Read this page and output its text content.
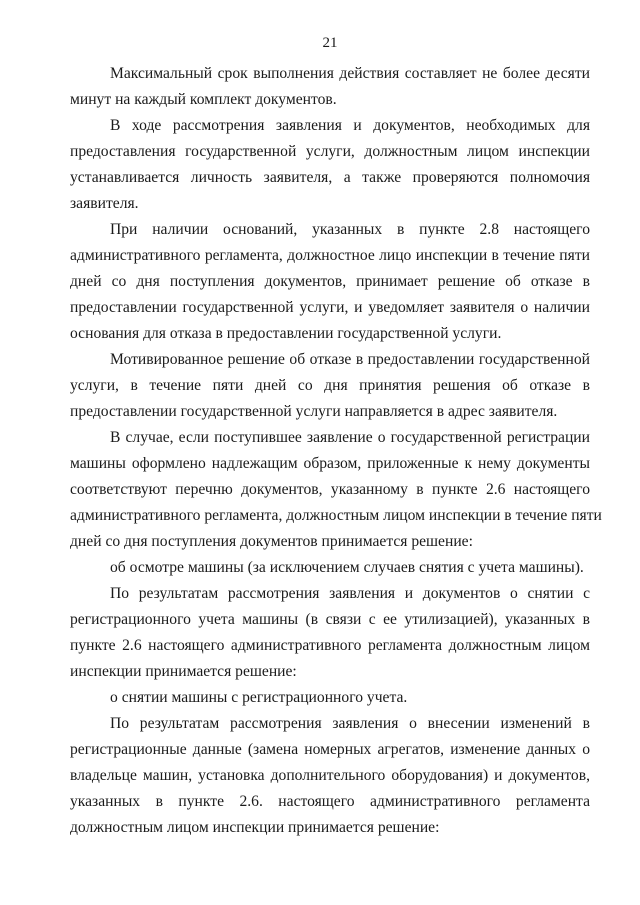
21
Максимальный срок выполнения действия составляет не более десяти
минут на каждый комплект документов.
В ходе рассмотрения заявления и документов, необходимых для
предоставления государственной услуги, должностным лицом инспекции
устанавливается личность заявителя, а также проверяются полномочия
заявителя.
При наличии оснований, указанных в пункте 2.8 настоящего
административного регламента, должностное лицо инспекции в течение пяти
дней со дня поступления документов, принимает решение об отказе в
предоставлении государственной услуги, и уведомляет заявителя о наличии
основания для отказа в предоставлении государственной услуги.
Мотивированное решение об отказе в предоставлении государственной
услуги, в течение пяти дней со дня принятия решения об отказе в
предоставлении государственной услуги направляется в адрес заявителя.
В случае, если поступившее заявление о государственной регистрации
машины оформлено надлежащим образом, приложенные к нему документы
соответствуют перечню документов, указанному в пункте 2.6 настоящего
административного регламента, должностным лицом инспекции в течение пяти
дней со дня поступления документов принимается решение:
об осмотре машины (за исключением случаев снятия с учета машины).
По результатам рассмотрения заявления и документов о снятии с
регистрационного учета машины (в связи с ее утилизацией), указанных в
пункте 2.6 настоящего административного регламента должностным лицом
инспекции принимается решение:
о снятии машины с регистрационного учета.
По результатам рассмотрения заявления о внесении изменений в
регистрационные данные (замена номерных агрегатов, изменение данных о
владельце машин, установка дополнительного оборудования) и документов,
указанных в пункте 2.6. настоящего административного регламента
должностным лицом инспекции принимается решение:
